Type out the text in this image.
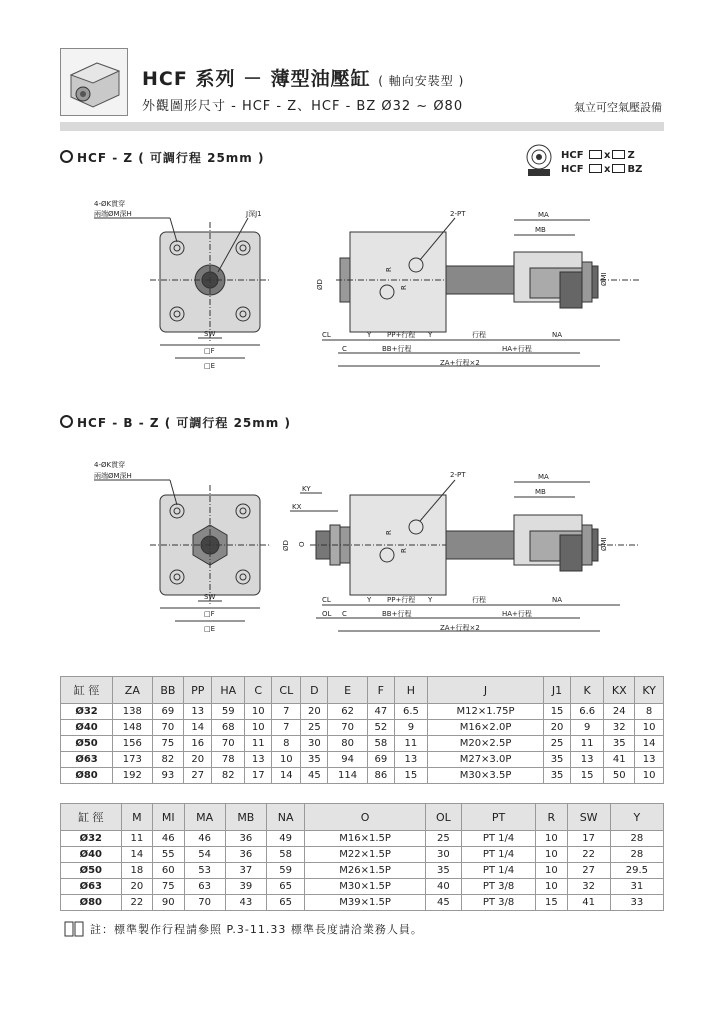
HCF 系列 － 薄型油壓缸 ( 軸向安裝型 )
外觀圖形尺寸 - HCF - Z、HCF - BZ Ø32 ~ Ø80	氣立可空氣壓設備
HCF - Z ( 可調行程 25mm )	HCF x Z
HCF x BZ
4-ØK貫穿
兩端ØM深H	J深J1
SW
□F
□E
2-PT	MA
MB
ØMI
ØD
R
R
CL	Y PP+行程 Y	行程	NA
C	BB+行程	HA+行程
ZA+行程×2
HCF - B - Z ( 可調行程 25mm )
4-ØK貫穿
兩端ØM深H
SW
□F
□E
KY
KX
2-PT	MA
MB
ØMI
ØD O
R
R
CL	Y PP+行程 Y	行程	NA
OL C	BB+行程	HA+行程
ZA+行程×2
缸 徑	ZA	BB	PP	HA	C	CL	D	E	F	H	J	J1	K	KX	KY
Ø32	138	69	13	59	10	7	20	62	47	6.5	M12×1.75P	15	6.6	24	8
Ø40	148	70	14	68	10	7	25	70	52	9	M16×2.0P	20	9	32	10
Ø50	156	75	16	70	11	8	30	80	58	11	M20×2.5P	25	11	35	14
Ø63	173	82	20	78	13	10	35	94	69	13	M27×3.0P	35	13	41	13
Ø80	192	93	27	82	17	14	45	114	86	15	M30×3.5P	35	15	50	10
缸 徑	M	MI	MA	MB	NA	O	OL	PT	R	SW	Y
Ø32	11	46	46	36	49	M16×1.5P	25	PT 1/4	10	17	28
Ø40	14	55	54	36	58	M22×1.5P	30	PT 1/4	10	22	28
Ø50	18	60	53	37	59	M26×1.5P	35	PT 1/4	10	27	29.5
Ø63	20	75	63	39	65	M30×1.5P	40	PT 3/8	10	32	31
Ø80	22	90	70	43	65	M39×1.5P	45	PT 3/8	15	41	33
註：標準製作行程請參照 P.3-11.33 標準長度請洽業務人員。
